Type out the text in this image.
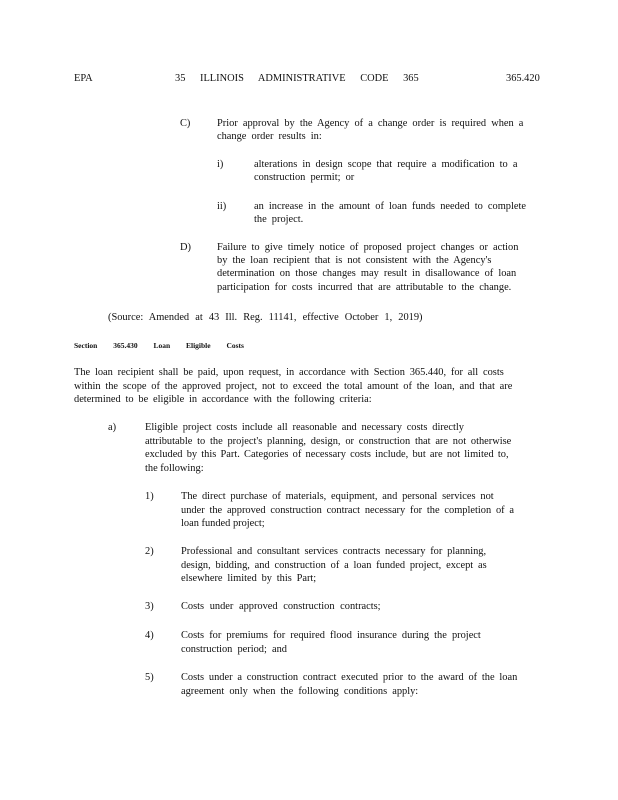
EPA	35 ILLINOIS ADMINISTRATIVE CODE 365	365.420
C)	Prior approval by the Agency of a change order is required when a
change order results in:
i)	alterations in design scope that require a modification to a
construction permit; or
ii)	an increase in the amount of loan funds needed to complete
the project.
D)	Failure to give timely notice of proposed project changes or action
by the loan recipient that is not consistent with the Agency's
determination on those changes may result in disallowance of loan
participation for costs incurred that are attributable to the change.
(Source: Amended at 43 Ill. Reg. 11141, effective October 1, 2019)
Section 365.430 Loan Eligible Costs
The loan recipient shall be paid, upon request, in accordance with Section 365.440, for all costs
within the scope of the approved project, not to exceed the total amount of the loan, and that are
determined to be eligible in accordance with the following criteria:
a)	Eligible project costs include all reasonable and necessary costs directly
attributable to the project's planning, design, or construction that are not otherwise
excluded by this Part. Categories of necessary costs include, but are not limited to,
the following:
1)	The direct purchase of materials, equipment, and personal services not
under the approved construction contract necessary for the completion of a
loan funded project;
2)	Professional and consultant services contracts necessary for planning,
design, bidding, and construction of a loan funded project, except as
elsewhere limited by this Part;
3)	Costs under approved construction contracts;
4)	Costs for premiums for required flood insurance during the project
construction period; and
5)	Costs under a construction contract executed prior to the award of the loan
agreement only when the following conditions apply:
